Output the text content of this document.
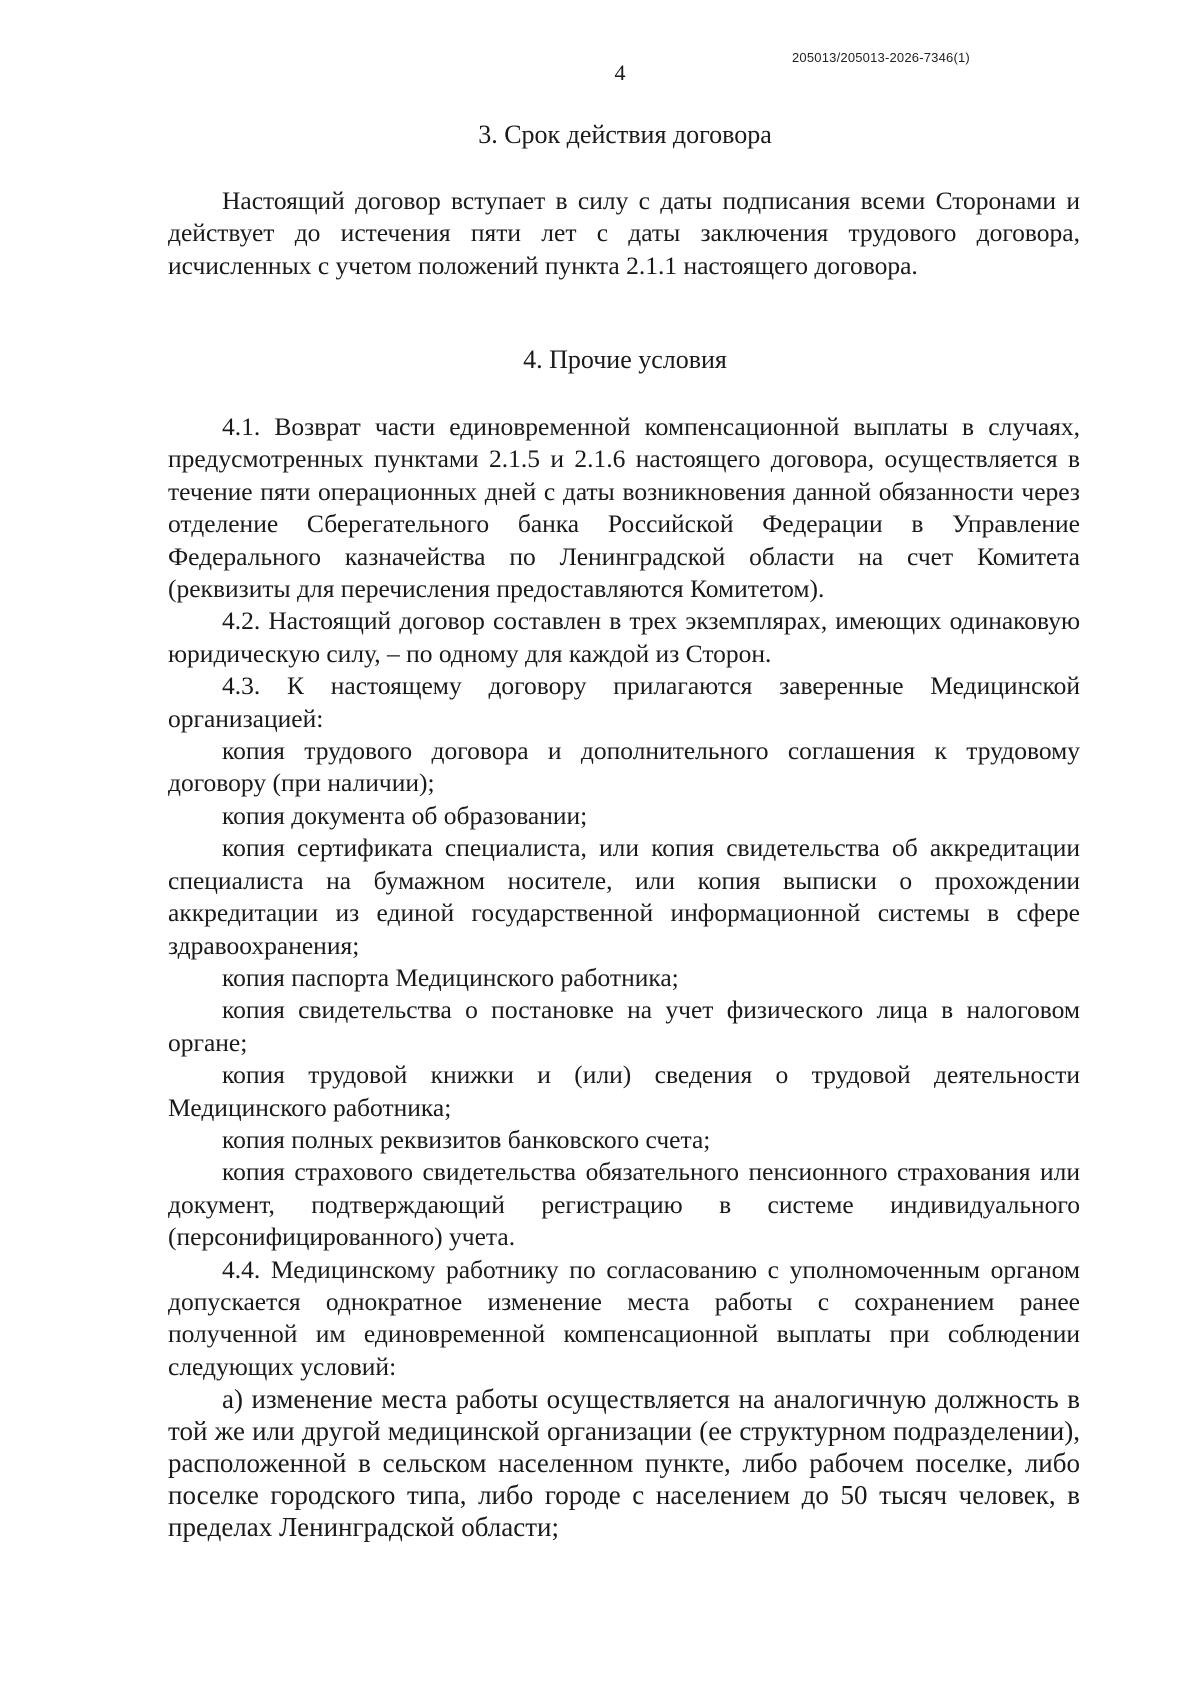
205013/205013-2026-7346(1)
4
3. Срок действия договора

Настоящий договор вступает в силу с даты подписания всеми Сторонами и действует до истечения пяти лет с даты заключения трудового договора, исчисленных с учетом положений пункта 2.1.1 настоящего договора.

4. Прочие условия

4.1. Возврат части единовременной компенсационной выплаты в случаях, предусмотренных пунктами 2.1.5 и 2.1.6 настоящего договора, осуществляется в течение пяти операционных дней с даты возникновения данной обязанности через отделение Сберегательного банка Российской Федерации в Управление Федерального казначейства по Ленинградской области на счет Комитета (реквизиты для перечисления предоставляются Комитетом).

4.2. Настоящий договор составлен в трех экземплярах, имеющих одинаковую юридическую силу, – по одному для каждой из Сторон.

4.3. К настоящему договору прилагаются заверенные Медицинской организацией:

копия трудового договора и дополнительного соглашения к трудовому договору (при наличии);

копия документа об образовании;

копия сертификата специалиста, или копия свидетельства об аккредитации специалиста на бумажном носителе, или копия выписки о прохождении аккредитации из единой государственной информационной системы в сфере здравоохранения;

копия паспорта Медицинского работника;

копия свидетельства о постановке на учет физического лица в налоговом органе;

копия трудовой книжки и (или) сведения о трудовой деятельности Медицинского работника;

копия полных реквизитов банковского счета;

копия страхового свидетельства обязательного пенсионного страхования или документ, подтверждающий регистрацию в системе индивидуального (персонифицированного) учета.

4.4. Медицинскому работнику по согласованию с уполномоченным органом допускается однократное изменение места работы с сохранением ранее полученной им единовременной компенсационной выплаты при соблюдении следующих условий:

а) изменение места работы осуществляется на аналогичную должность в той же или другой медицинской организации (ее структурном подразделении), расположенной в сельском населенном пункте, либо рабочем поселке, либо поселке городского типа, либо городе с населением до 50 тысяч человек, в пределах Ленинградской области;
